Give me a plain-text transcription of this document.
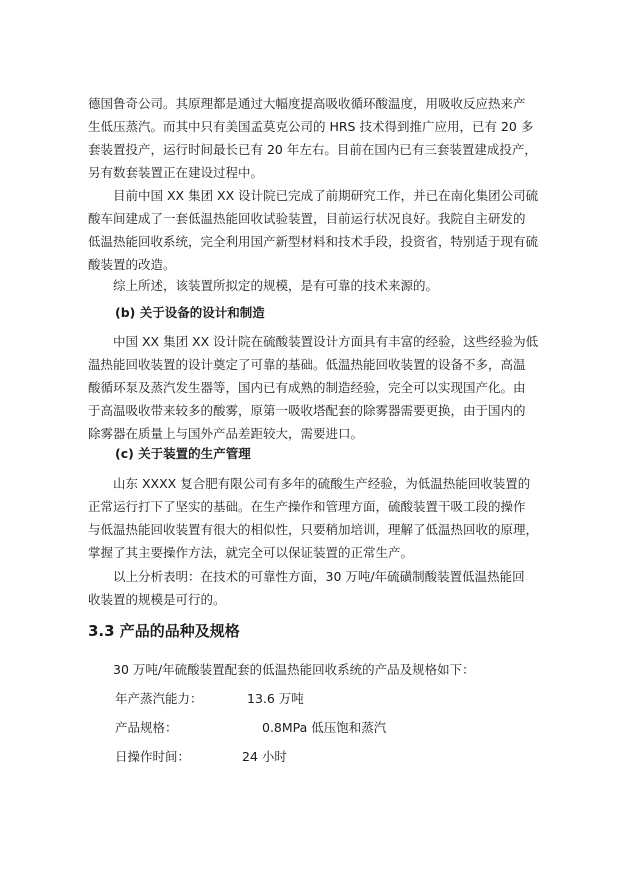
德国鲁奇公司。其原理都是通过大幅度提高吸收循环酸温度，用吸收反应热来产
生低压蒸汽。而其中只有美国孟莫克公司的 HRS 技术得到推广应用，已有 20 多
套装置投产，运行时间最长已有 20 年左右。目前在国内已有三套装置建成投产，
另有数套装置正在建设过程中。
目前中国 XX 集团 XX 设计院已完成了前期研究工作，并已在南化集团公司硫
酸车间建成了一套低温热能回收试验装置，目前运行状况良好。我院自主研发的
低温热能回收系统，完全利用国产新型材料和技术手段，投资省，特别适于现有硫
酸装置的改造。
综上所述，该装置所拟定的规模，是有可靠的技术来源的。
(b) 关于设备的设计和制造
中国 XX 集团 XX 设计院在硫酸装置设计方面具有丰富的经验，这些经验为低
温热能回收装置的设计奠定了可靠的基础。低温热能回收装置的设备不多，高温
酸循环泵及蒸汽发生器等，国内已有成熟的制造经验，完全可以实现国产化。由
于高温吸收带来较多的酸雾，原第一吸收塔配套的除雾器需要更换，由于国内的
除雾器在质量上与国外产品差距较大，需要进口。
(c) 关于装置的生产管理
山东 XXXX 复合肥有限公司有多年的硫酸生产经验，为低温热能回收装置的
正常运行打下了坚实的基础。在生产操作和管理方面，硫酸装置干吸工段的操作
与低温热能回收装置有很大的相似性，只要稍加培训，理解了低温热回收的原理，
掌握了其主要操作方法，就完全可以保证装置的正常生产。
以上分析表明：在技术的可靠性方面，30 万吨/年硫磺制酸装置低温热能回
收装置的规模是可行的。
3.3 产品的品种及规格
30 万吨/年硫酸装置配套的低温热能回收系统的产品及规格如下：
年产蒸汽能力：	13.6 万吨
产品规格：	0.8MPa 低压饱和蒸汽
日操作时间：	24 小时
